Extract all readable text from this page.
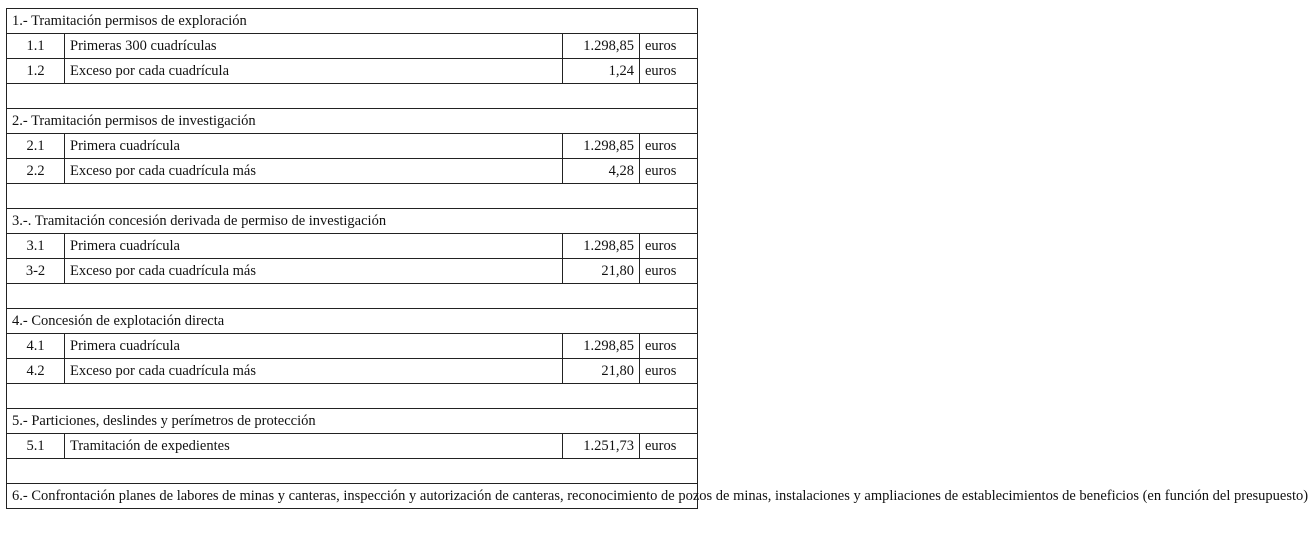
1.- Tramitación permisos de exploración			
1.1	Primeras 300 cuadrículas	1.298,85	euros
1.2	Exceso por cada cuadrícula	1,24	euros

2.- Tramitación permisos de investigación			
2.1	Primera cuadrícula	1.298,85	euros
2.2	Exceso por cada cuadrícula más	4,28	euros

3.-. Tramitación concesión derivada de permiso de investigación			
3.1	Primera cuadrícula	1.298,85	euros
3-2	Exceso por cada cuadrícula más	21,80	euros

4.- Concesión de explotación directa			
4.1	Primera cuadrícula	1.298,85	euros
4.2	Exceso por cada cuadrícula más	21,80	euros

5.- Particiones, deslindes y perímetros de protección			
5.1	Tramitación de expedientes	1.251,73	euros

6.- Confrontación planes de labores de minas y canteras, inspección y autorización de canteras, reconocimiento de pozos de minas, instalaciones y ampliaciones de establecimientos de beneficios (en función del presupuesto)			
